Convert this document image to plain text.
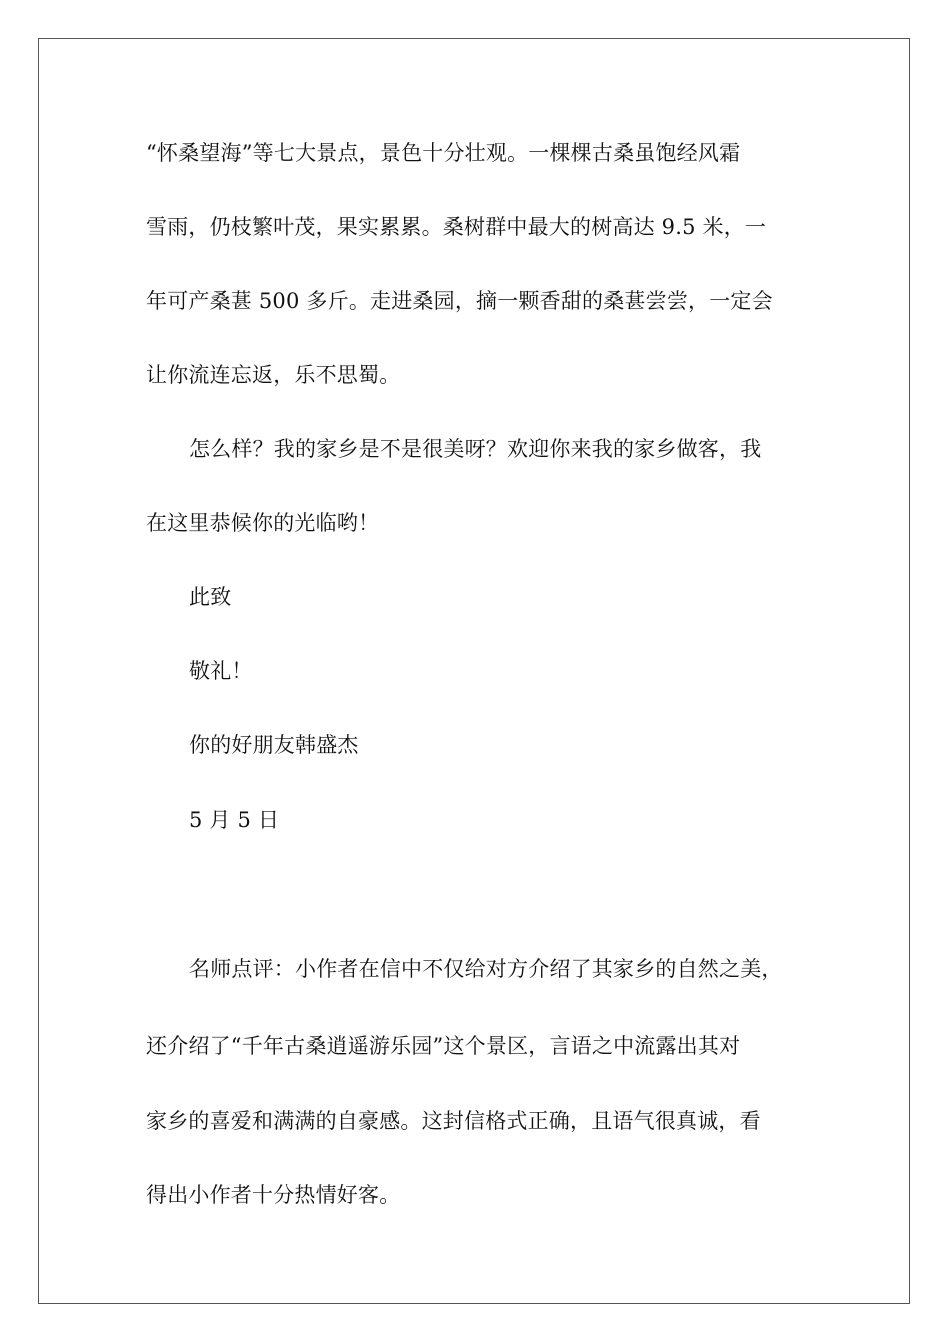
“怀桑望海”等七大景点，景色十分壮观。一棵棵古桑虽饱经风霜
雪雨，仍枝繁叶茂，果实累累。桑树群中最大的树高达 9.5 米，一
年可产桑葚 500 多斤。走进桑园，摘一颗香甜的桑葚尝尝，一定会
让你流连忘返，乐不思蜀。
怎么样？我的家乡是不是很美呀？欢迎你来我的家乡做客，我
在这里恭候你的光临哟！
此致
敬礼！
你的好朋友韩盛杰
5 月 5 日
名师点评：小作者在信中不仅给对方介绍了其家乡的自然之美，
还介绍了“千年古桑逍遥游乐园”这个景区，言语之中流露出其对
家乡的喜爱和满满的自豪感。这封信格式正确，且语气很真诚，看
得出小作者十分热情好客。
